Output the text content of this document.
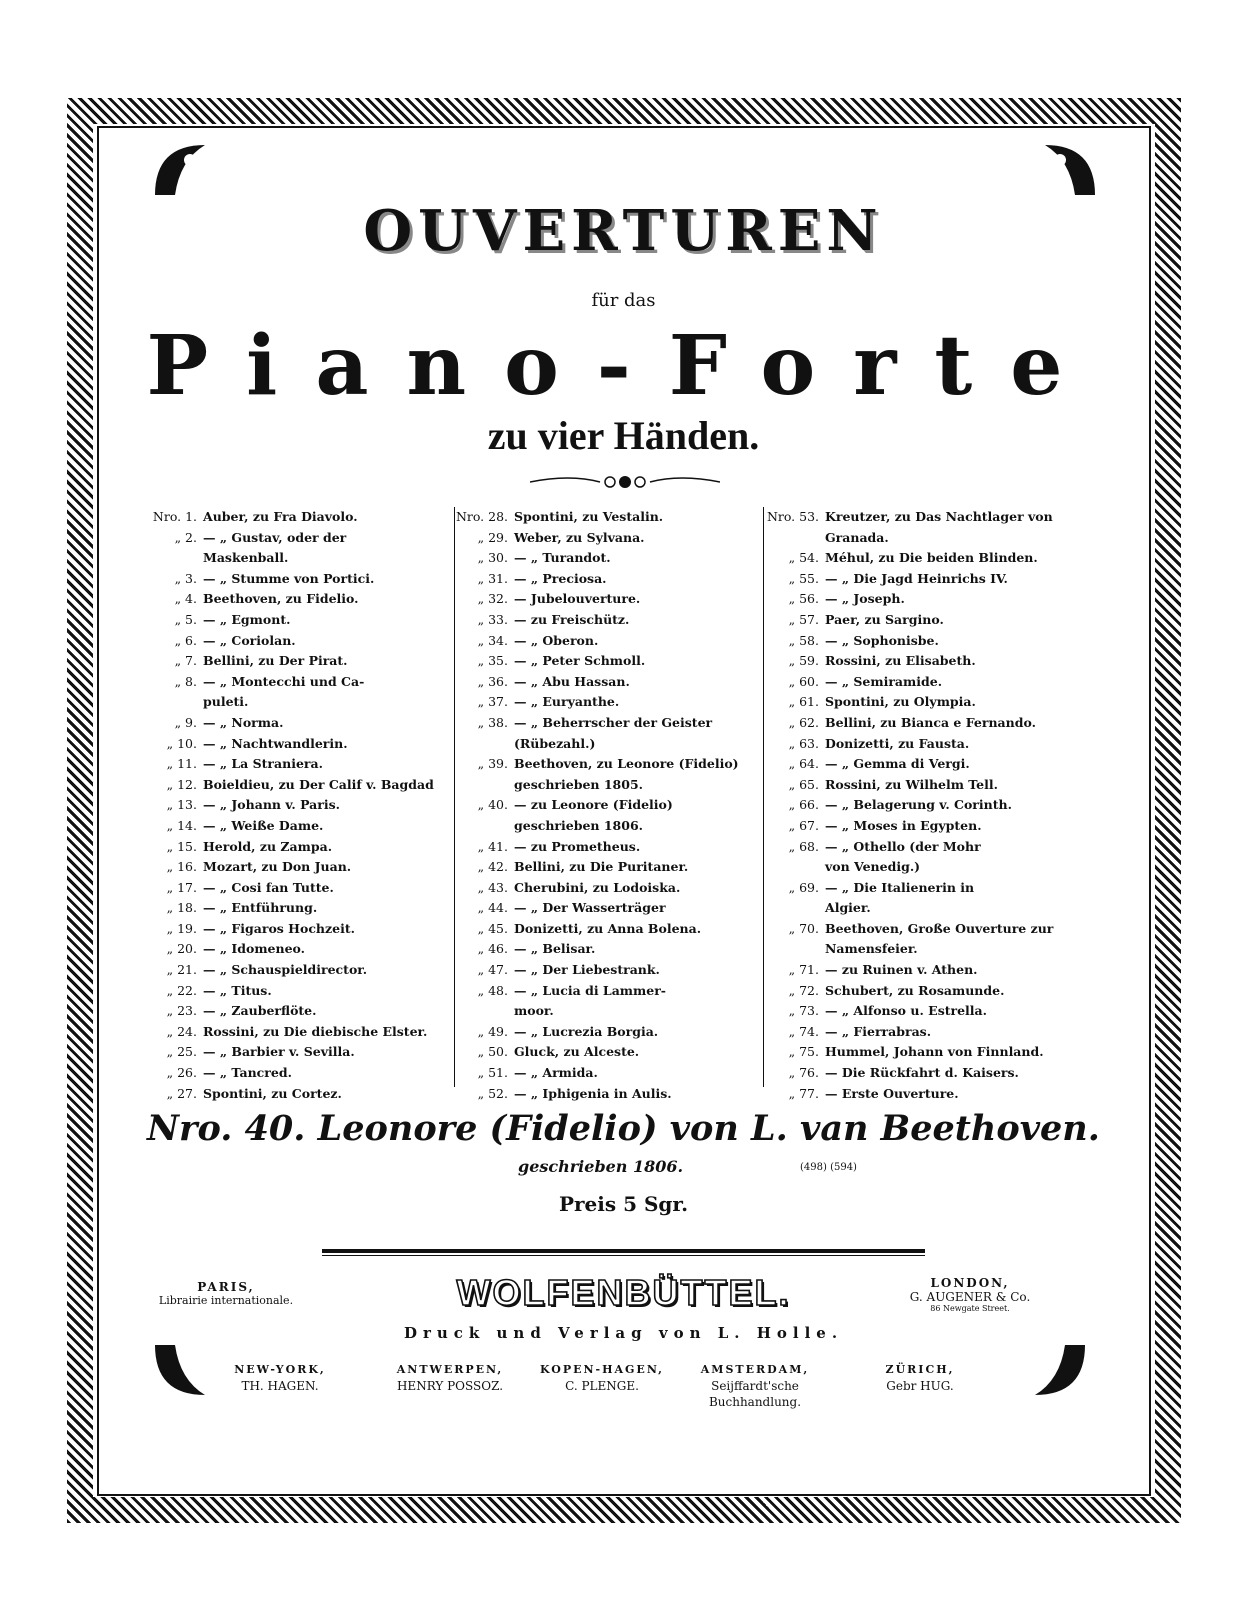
OUVERTUREN
für das
Piano-Forte
zu vier Händen.
Nro. 1. Auber, zu Fra Diavolo.
„ 2. — „ Gustav, oder der
Maskenball.
„ 3. — „ Stumme von Portici.
„ 4. Beethoven, zu Fidelio.
„ 5. — „ Egmont.
„ 6. — „ Coriolan.
„ 7. Bellini, zu Der Pirat.
„ 8. — „ Montecchi und Ca-
puleti.
„ 9. — „ Norma.
„ 10. — „ Nachtwandlerin.
„ 11. — „ La Straniera.
„ 12. Boieldieu, zu Der Calif v. Bagdad
„ 13. — „ Johann v. Paris.
„ 14. — „ Weiße Dame.
„ 15. Herold, zu Zampa.
„ 16. Mozart, zu Don Juan.
„ 17. — „ Cosi fan Tutte.
„ 18. — „ Entführung.
„ 19. — „ Figaros Hochzeit.
„ 20. — „ Idomeneo.
„ 21. — „ Schauspieldirector.
„ 22. — „ Titus.
„ 23. — „ Zauberflöte.
„ 24. Rossini, zu Die diebische Elster.
„ 25. — „ Barbier v. Sevilla.
„ 26. — „ Tancred.
„ 27. Spontini, zu Cortez.
Nro. 28. Spontini, zu Vestalin.
„ 29. Weber, zu Sylvana.
„ 30. — „ Turandot.
„ 31. — „ Preciosa.
„ 32. — Jubelouverture.
„ 33. — zu Freischütz.
„ 34. — „ Oberon.
„ 35. — „ Peter Schmoll.
„ 36. — „ Abu Hassan.
„ 37. — „ Euryanthe.
„ 38. — „ Beherrscher der Geister
(Rübezahl.)
„ 39. Beethoven, zu Leonore (Fidelio)
geschrieben 1805.
„ 40. — zu Leonore (Fidelio)
geschrieben 1806.
„ 41. — zu Prometheus.
„ 42. Bellini, zu Die Puritaner.
„ 43. Cherubini, zu Lodoiska.
„ 44. — „ Der Wasserträger
„ 45. Donizetti, zu Anna Bolena.
„ 46. — „ Belisar.
„ 47. — „ Der Liebestrank.
„ 48. — „ Lucia di Lammer-
moor.
„ 49. — „ Lucrezia Borgia.
„ 50. Gluck, zu Alceste.
„ 51. — „ Armida.
„ 52. — „ Iphigenia in Aulis.
Nro. 53. Kreutzer, zu Das Nachtlager von
Granada.
„ 54. Méhul, zu Die beiden Blinden.
„ 55. — „ Die Jagd Heinrichs IV.
„ 56. — „ Joseph.
„ 57. Paer, zu Sargino.
„ 58. — „ Sophonisbe.
„ 59. Rossini, zu Elisabeth.
„ 60. — „ Semiramide.
„ 61. Spontini, zu Olympia.
„ 62. Bellini, zu Bianca e Fernando.
„ 63. Donizetti, zu Fausta.
„ 64. — „ Gemma di Vergi.
„ 65. Rossini, zu Wilhelm Tell.
„ 66. — „ Belagerung v. Corinth.
„ 67. — „ Moses in Egypten.
„ 68. — „ Othello (der Mohr
von Venedig.)
„ 69. — „ Die Italienerin in
Algier.
„ 70. Beethoven, Große Ouverture zur
Namensfeier.
„ 71. — zu Ruinen v. Athen.
„ 72. Schubert, zu Rosamunde.
„ 73. — „ Alfonso u. Estrella.
„ 74. — „ Fierrabras.
„ 75. Hummel, Johann von Finnland.
„ 76. — Die Rückfahrt d. Kaisers.
„ 77. — Erste Ouverture.
Nro. 40. Leonore (Fidelio) von L. van Beethoven.
geschrieben 1806.	(498) (594)
Preis 5 Sgr.
PARIS,
Librairie internationale.	WOLFENBÜTTEL.	LONDON,
G. AUGENER & Co.
86 Newgate Street.
Druck und Verlag von L. Holle.
NEW-YORK,
TH. HAGEN.
ANTWERPEN,
HENRY POSSOZ.
KOPEN-HAGEN,
C. PLENGE.
AMSTERDAM,
Seijffardt'sche Buchhandlung.
ZÜRICH,
Gebr HUG.
